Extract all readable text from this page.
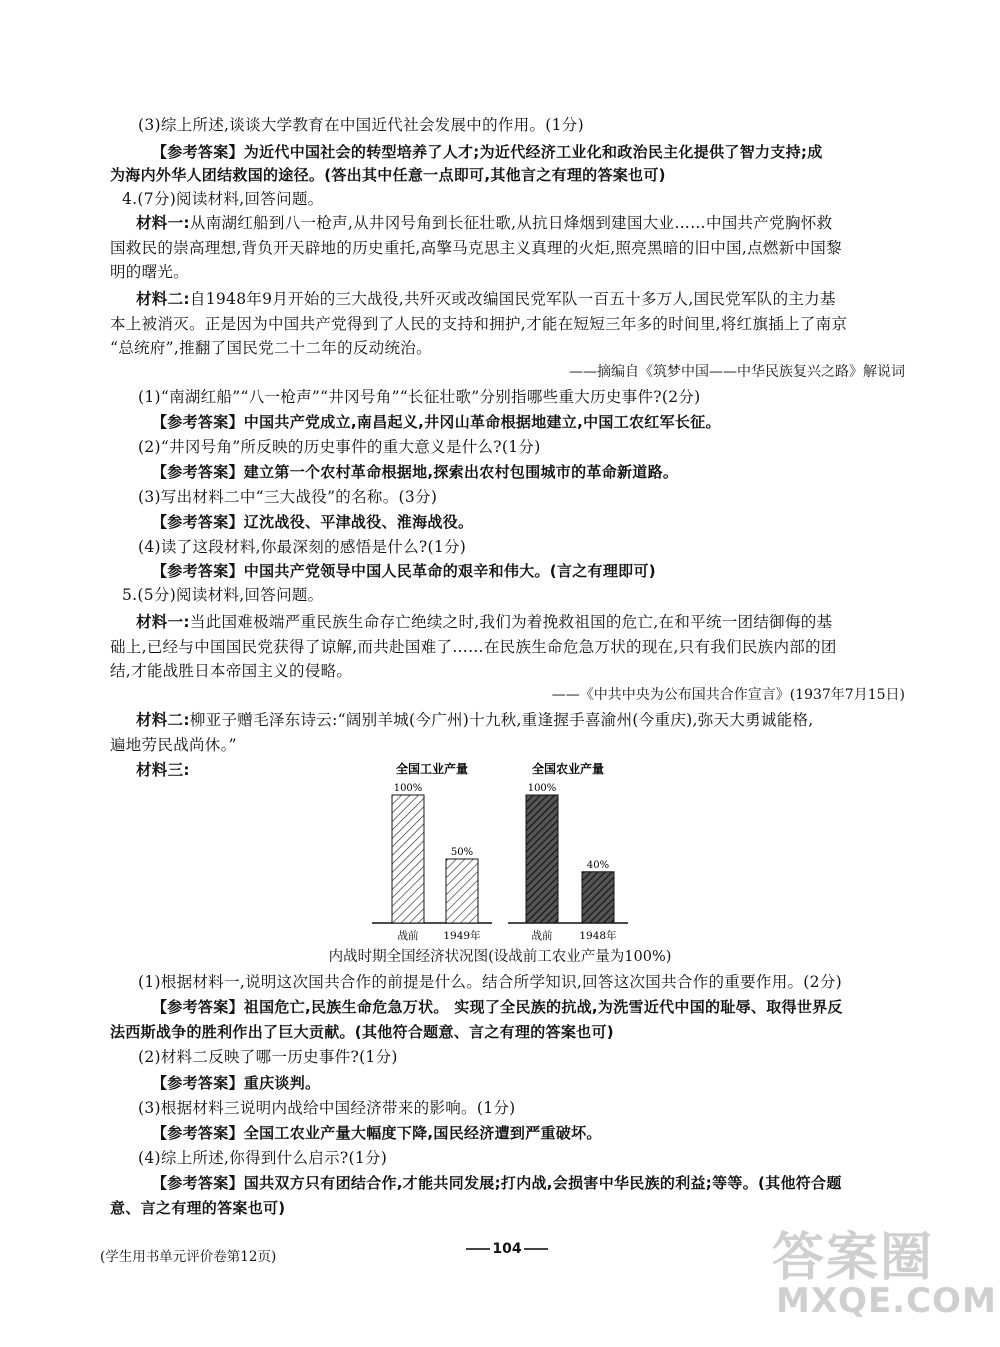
(3)综上所述,谈谈大学教育在中国近代社会发展中的作用。(1分)
【参考答案】为近代中国社会的转型培养了人才;为近代经济工业化和政治民主化提供了智力支持;成
为海内外华人团结救国的途径。(答出其中任意一点即可,其他言之有理的答案也可)
4.(7分)阅读材料,回答问题。
材料一:从南湖红船到八一枪声,从井冈号角到长征壮歌,从抗日烽烟到建国大业……中国共产党胸怀救
国救民的崇高理想,背负开天辟地的历史重托,高擎马克思主义真理的火炬,照亮黑暗的旧中国,点燃新中国黎
明的曙光。
材料二:自1948年9月开始的三大战役,共歼灭或改编国民党军队一百五十多万人,国民党军队的主力基
本上被消灭。正是因为中国共产党得到了人民的支持和拥护,才能在短短三年多的时间里,将红旗插上了南京
“总统府”,推翻了国民党二十二年的反动统治。
——摘编自《筑梦中国——中华民族复兴之路》解说词
(1)“南湖红船”“八一枪声”“井冈号角”“长征壮歌”分别指哪些重大历史事件?(2分)
【参考答案】中国共产党成立,南昌起义,井冈山革命根据地建立,中国工农红军长征。
(2)“井冈号角”所反映的历史事件的重大意义是什么?(1分)
【参考答案】建立第一个农村革命根据地,探索出农村包围城市的革命新道路。
(3)写出材料二中“三大战役”的名称。(3分)
【参考答案】辽沈战役、平津战役、淮海战役。
(4)读了这段材料,你最深刻的感悟是什么?(1分)
【参考答案】中国共产党领导中国人民革命的艰辛和伟大。(言之有理即可)
5.(5分)阅读材料,回答问题。
材料一:当此国难极端严重民族生命存亡绝续之时,我们为着挽救祖国的危亡,在和平统一团结御侮的基
础上,已经与中国国民党获得了谅解,而共赴国难了……在民族生命危急万状的现在,只有我们民族内部的团
结,才能战胜日本帝国主义的侵略。
——《中共中央为公布国共合作宣言》(1937年7月15日)
材料二:柳亚子赠毛泽东诗云:“阔别羊城(今广州)十九秋,重逢握手喜渝州(今重庆),弥天大勇诚能格,
遍地劳民战尚休。”
材料三:	全国工业产量
100%
战前
50%
1949年
全国农业产量
100%
战前
40%
1948年
内战时期全国经济状况图(设战前工农业产量为100%)
(1)根据材料一,说明这次国共合作的前提是什么。结合所学知识,回答这次国共合作的重要作用。(2分)
【参考答案】祖国危亡,民族生命危急万状。 实现了全民族的抗战,为洗雪近代中国的耻辱、取得世界反
法西斯战争的胜利作出了巨大贡献。(其他符合题意、言之有理的答案也可)
(2)材料二反映了哪一历史事件?(1分)
【参考答案】重庆谈判。
(3)根据材料三说明内战给中国经济带来的影响。(1分)
【参考答案】全国工农业产量大幅度下降,国民经济遭到严重破坏。
(4)综上所述,你得到什么启示?(1分)
【参考答案】国共双方只有团结合作,才能共同发展;打内战,会损害中华民族的利益;等等。(其他符合题
意、言之有理的答案也可)
(学生用书单元评价卷第12页)	104	答案圈
MXQE.COM
